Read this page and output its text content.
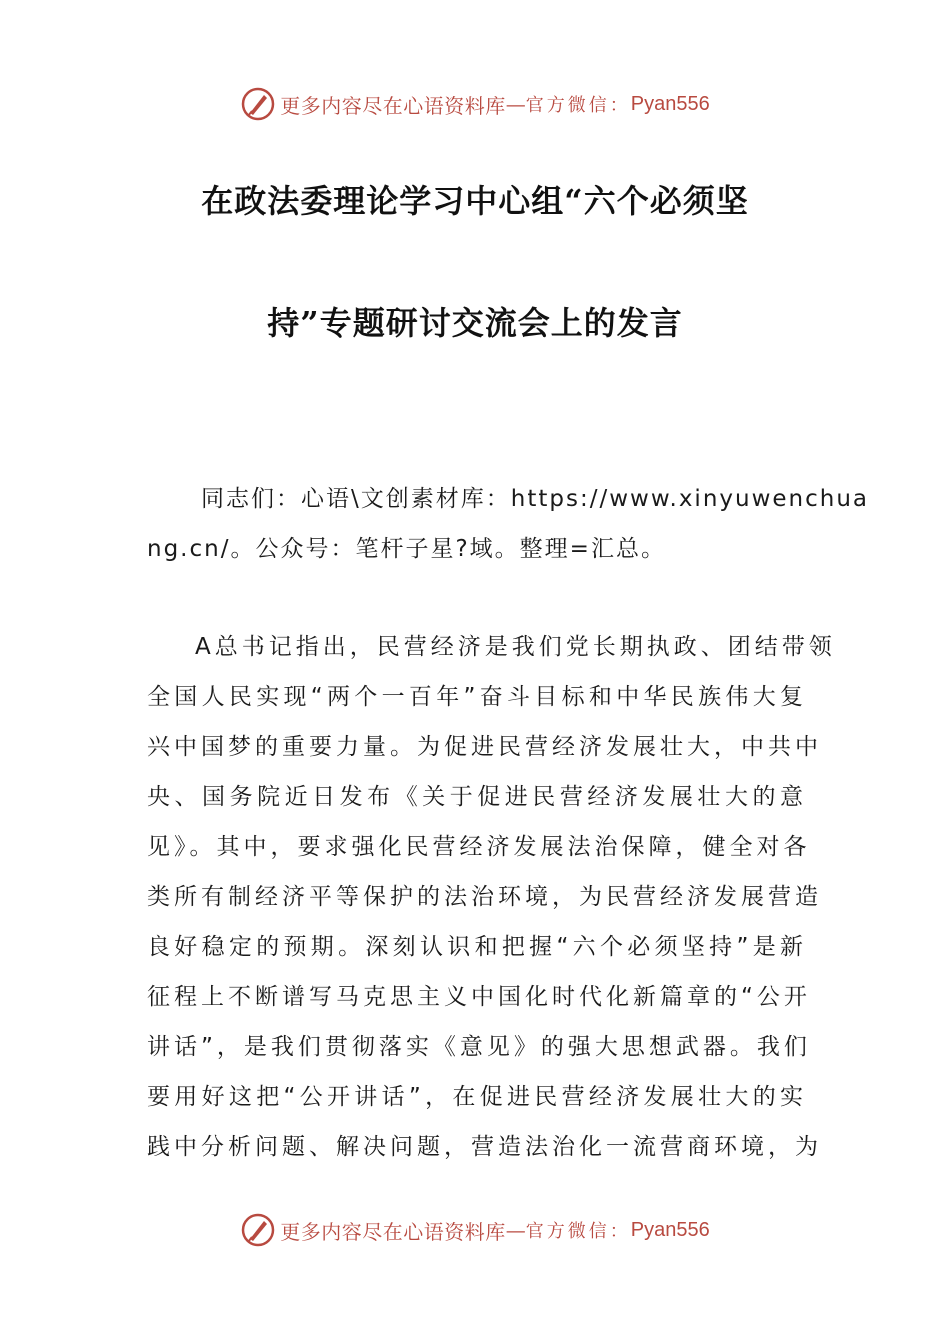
更多内容尽在心语资料库 — 官方微信： Pyan556
在政法委理论学习中心组“六个必须坚
持”专题研讨交流会上的发言
同志们：心语\文创素材库：https://www.xinyuwenchua
ng.cn/。公众号：笔杆子星?域。整理=汇总。
A总书记指出，民营经济是我们党长期执政、团结带领
全国人民实现“两个一百年”奋斗目标和中华民族伟大复
兴中国梦的重要力量。为促进民营经济发展壮大，中共中
央、国务院近日发布《关于促进民营经济发展壮大的意
见》。其中，要求强化民营经济发展法治保障，健全对各
类所有制经济平等保护的法治环境，为民营经济发展营造
良好稳定的预期。深刻认识和把握“六个必须坚持”是新
征程上不断谱写马克思主义中国化时代化新篇章的“公开
讲话”，是我们贯彻落实《意见》的强大思想武器。我们
要用好这把“公开讲话”，在促进民营经济发展壮大的实
践中分析问题、解决问题，营造法治化一流营商环境，为
更多内容尽在心语资料库 — 官方微信： Pyan556
